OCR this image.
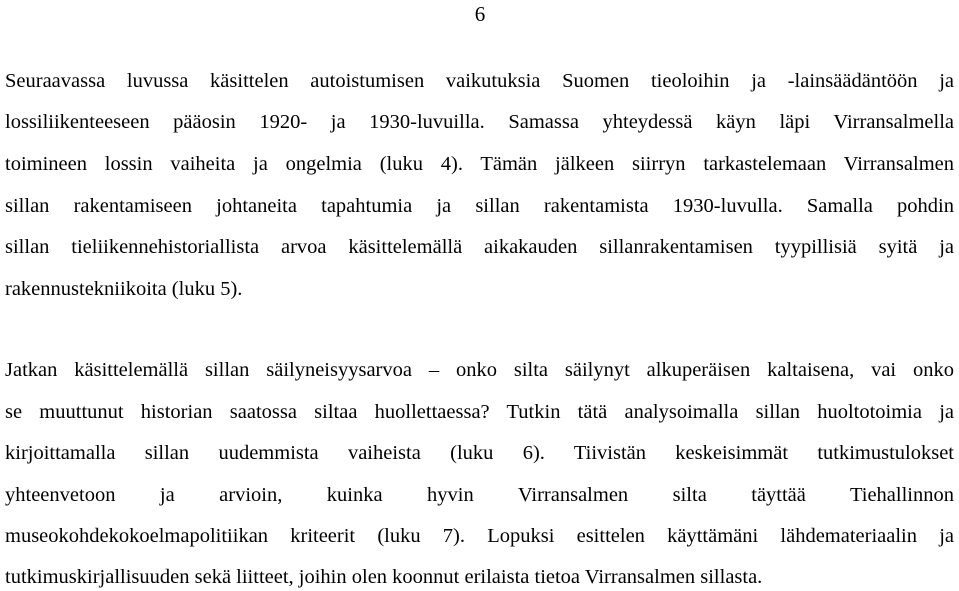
6
Seuraavassa luvussa käsittelen autoistumisen vaikutuksia Suomen tieoloihin ja -lainsäädäntöön ja
lossiliikenteeseen pääosin 1920- ja 1930-luvuilla. Samassa yhteydessä käyn läpi Virransalmella
toimineen lossin vaiheita ja ongelmia (luku 4). Tämän jälkeen siirryn tarkastelemaan Virransalmen
sillan rakentamiseen johtaneita tapahtumia ja sillan rakentamista 1930-luvulla. Samalla pohdin
sillan tieliikennehistoriallista arvoa käsittelemällä aikakauden sillanrakentamisen tyypillisiä syitä ja
rakennustekniikoita (luku 5).
Jatkan käsittelemällä sillan säilyneisyysarvoa – onko silta säilynyt alkuperäisen kaltaisena, vai onko
se muuttunut historian saatossa siltaa huollettaessa? Tutkin tätä analysoimalla sillan huoltotoimia ja
kirjoittamalla sillan uudemmista vaiheista (luku 6). Tiivistän keskeisimmät tutkimustulokset
yhteenvetoon ja arvioin, kuinka hyvin Virransalmen silta täyttää Tiehallinnon
museokohdekokoelmapolitiikan kriteerit (luku 7). Lopuksi esittelen käyttämäni lähdemateriaalin ja
tutkimuskirjallisuuden sekä liitteet, joihin olen koonnut erilaista tietoa Virransalmen sillasta.
